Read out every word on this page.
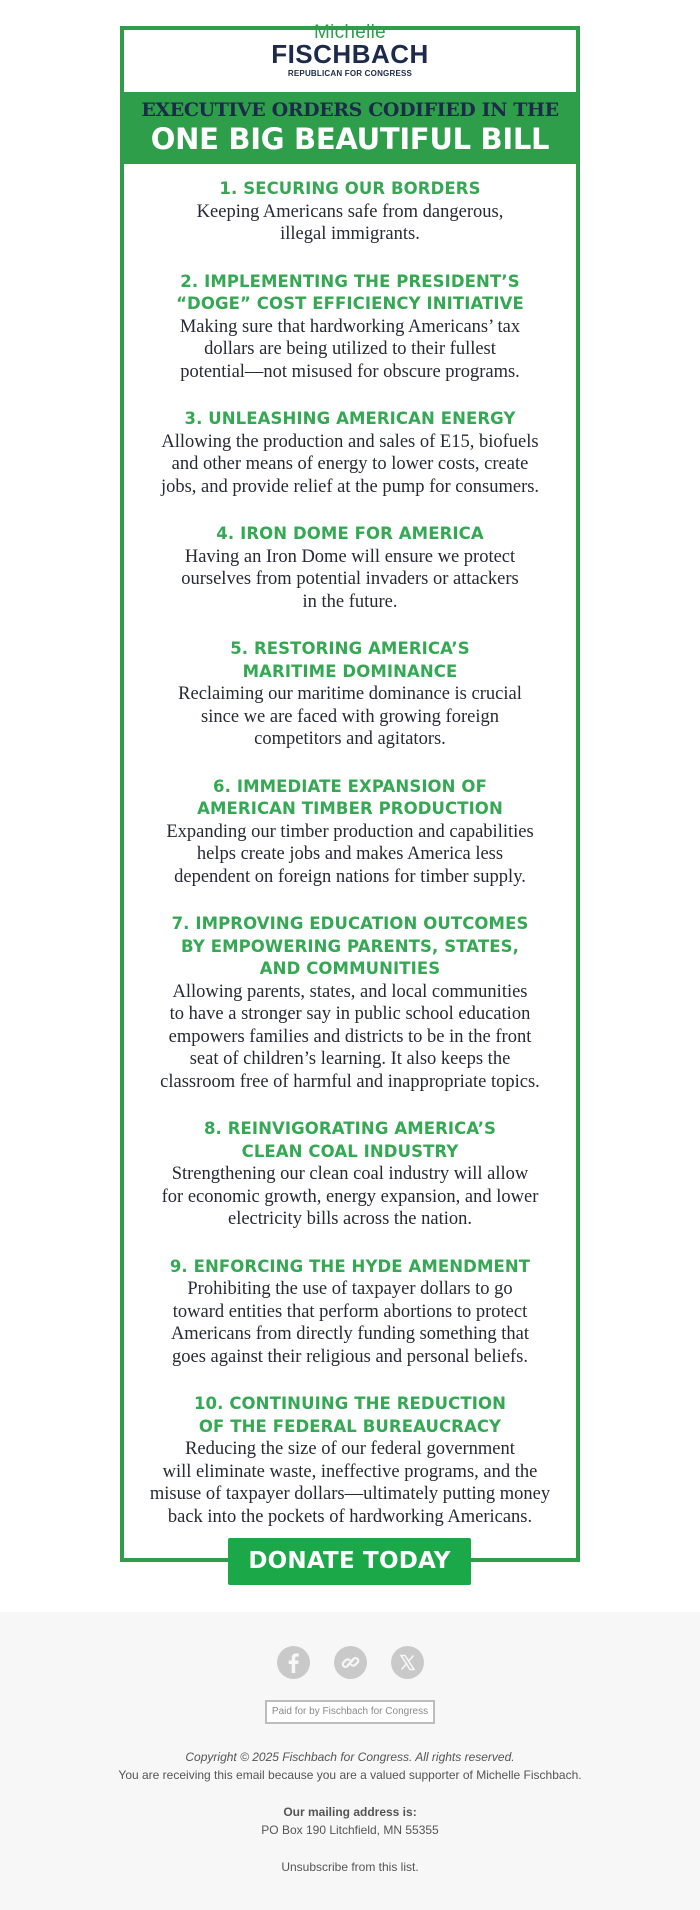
Michelle
FISCHBACH
REPUBLICAN FOR CONGRESS
EXECUTIVE ORDERS CODIFIED IN THE
ONE BIG BEAUTIFUL BILL
1. SECURING OUR BORDERS
Keeping Americans safe from dangerous,
illegal immigrants.
2. IMPLEMENTING THE PRESIDENT’S
“DOGE” COST EFFICIENCY INITIATIVE
Making sure that hardworking Americans’ tax
dollars are being utilized to their fullest
potential—not misused for obscure programs.
3. UNLEASHING AMERICAN ENERGY
Allowing the production and sales of E15, biofuels
and other means of energy to lower costs, create
jobs, and provide relief at the pump for consumers.
4. IRON DOME FOR AMERICA
Having an Iron Dome will ensure we protect
ourselves from potential invaders or attackers
in the future.
5. RESTORING AMERICA’S
MARITIME DOMINANCE
Reclaiming our maritime dominance is crucial
since we are faced with growing foreign
competitors and agitators.
6. IMMEDIATE EXPANSION OF
AMERICAN TIMBER PRODUCTION
Expanding our timber production and capabilities
helps create jobs and makes America less
dependent on foreign nations for timber supply.
7. IMPROVING EDUCATION OUTCOMES
BY EMPOWERING PARENTS, STATES,
AND COMMUNITIES
Allowing parents, states, and local communities
to have a stronger say in public school education
empowers families and districts to be in the front
seat of children’s learning. It also keeps the
classroom free of harmful and inappropriate topics.
8. REINVIGORATING AMERICA’S
CLEAN COAL INDUSTRY
Strengthening our clean coal industry will allow
for economic growth, energy expansion, and lower
electricity bills across the nation.
9. ENFORCING THE HYDE AMENDMENT
Prohibiting the use of taxpayer dollars to go
toward entities that perform abortions to protect
Americans from directly funding something that
goes against their religious and personal beliefs.
10. CONTINUING THE REDUCTION
OF THE FEDERAL BUREAUCRACY
Reducing the size of our federal government
will eliminate waste, ineffective programs, and the
misuse of taxpayer dollars—ultimately putting money
back into the pockets of hardworking Americans.
DONATE TODAY

Paid for by Fischbach for Congress
Copyright © 2025 Fischbach for Congress. All rights reserved.
You are receiving this email because you are a valued supporter of Michelle Fischbach.
Our mailing address is:
PO Box 190 Litchfield, MN 55355
Unsubscribe from this list.
